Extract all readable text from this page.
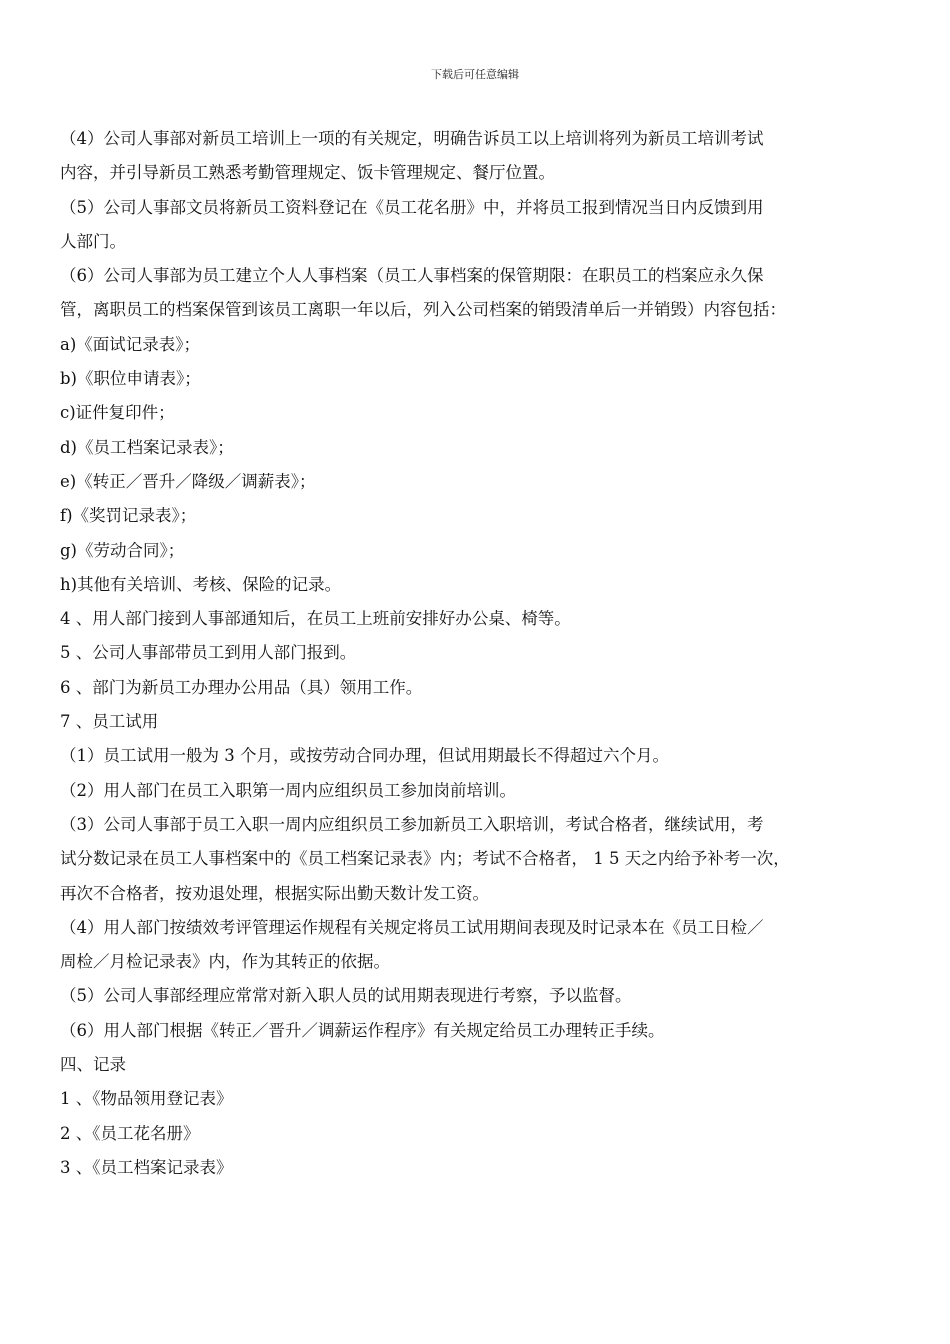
下载后可任意编辑
（4）公司人事部对新员工培训上一项的有关规定，明确告诉员工以上培训将列为新员工培训考试
内容，并引导新员工熟悉考勤管理规定、饭卡管理规定、餐厅位置。
（5）公司人事部文员将新员工资料登记在《员工花名册》中，并将员工报到情况当日内反馈到用
人部门。
（6）公司人事部为员工建立个人人事档案（员工人事档案的保管期限：在职员工的档案应永久保
管，离职员工的档案保管到该员工离职一年以后，列入公司档案的销毁清单后一并销毁）内容包括：
a)《面试记录表》；
b)《职位申请表》；
c)证件复印件；
d)《员工档案记录表》；
e)《转正／晋升／降级／调薪表》；
f)《奖罚记录表》；
g)《劳动合同》；
h)其他有关培训、考核、保险的记录。
4 、用人部门接到人事部通知后，在员工上班前安排好办公桌、椅等。
5 、公司人事部带员工到用人部门报到。
6 、部门为新员工办理办公用品（具）领用工作。
7 、员工试用
（1）员工试用一般为 3 个月，或按劳动合同办理，但试用期最长不得超过六个月。
（2）用人部门在员工入职第一周内应组织员工参加岗前培训。
（3）公司人事部于员工入职一周内应组织员工参加新员工入职培训，考试合格者，继续试用，考
试分数记录在员工人事档案中的《员工档案记录表》内；考试不合格者， 1 5 天之内给予补考一次，
再次不合格者，按劝退处理，根据实际出勤天数计发工资。
（4）用人部门按绩效考评管理运作规程有关规定将员工试用期间表现及时记录本在《员工日检／
周检／月检记录表》内，作为其转正的依据。
（5）公司人事部经理应常常对新入职人员的试用期表现进行考察，予以监督。
（6）用人部门根据《转正／晋升／调薪运作程序》有关规定给员工办理转正手续。
四、记录
1 、《物品领用登记表》
2 、《员工花名册》
3 、《员工档案记录表》
